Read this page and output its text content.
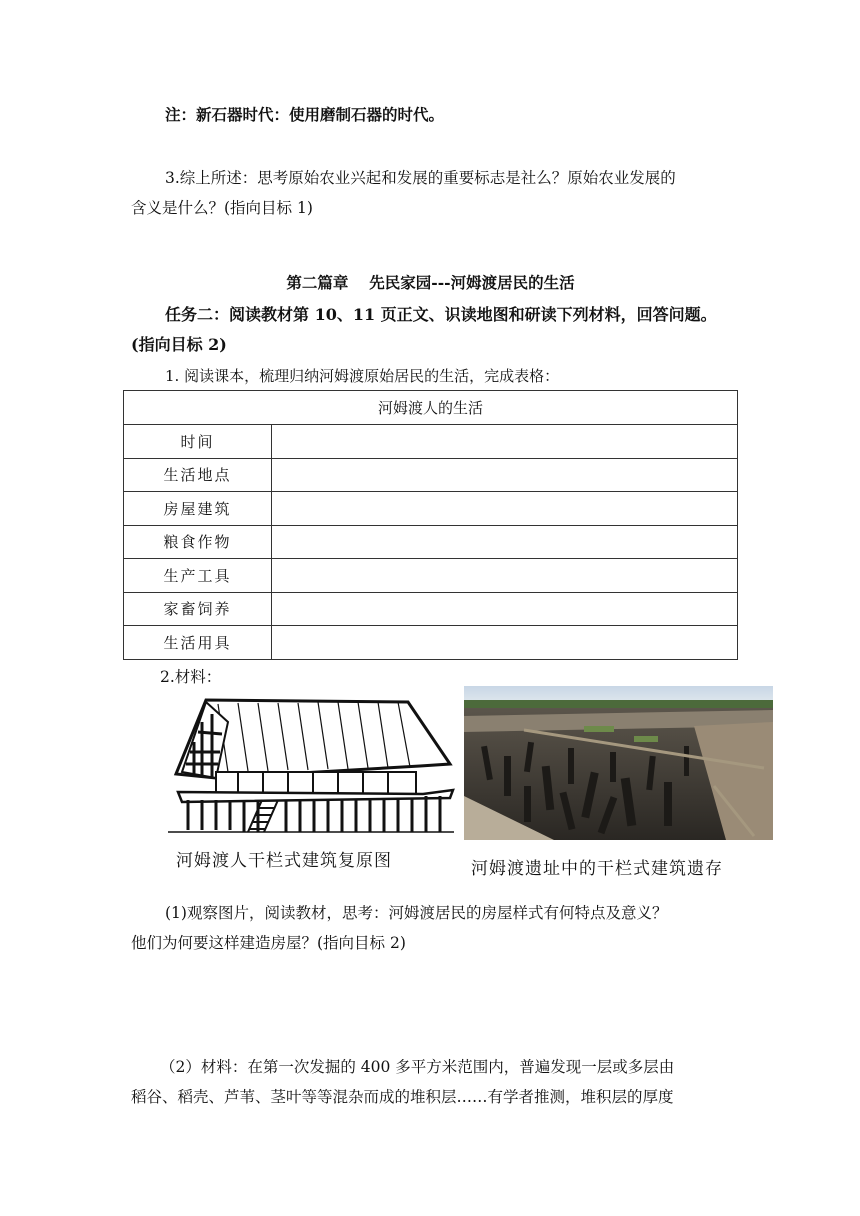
注：新石器时代：使用磨制石器的时代。
3.综上所述：思考原始农业兴起和发展的重要标志是社么？原始农业发展的
含义是什么？(指向目标 1)
第二篇章　 先民家园---河姆渡居民的生活
任务二：阅读教材第 10、11 页正文、识读地图和研读下列材料，回答问题。
(指向目标 2)
1. 阅读课本，梳理归纳河姆渡原始居民的生活，完成表格：
河姆渡人的生活	
时间	
生活地点	
房屋建筑	
粮食作物	
生产工具	
家畜饲养	
生活用具	
2.材料：
河姆渡人干栏式建筑复原图	河姆渡遗址中的干栏式建筑遗存
(1)观察图片，阅读教材，思考：河姆渡居民的房屋样式有何特点及意义？
他们为何要这样建造房屋？(指向目标 2)
（2）材料：在第一次发掘的 400 多平方米范围内，普遍发现一层或多层由
稻谷、稻壳、芦苇、茎叶等等混杂而成的堆积层……有学者推测，堆积层的厚度
